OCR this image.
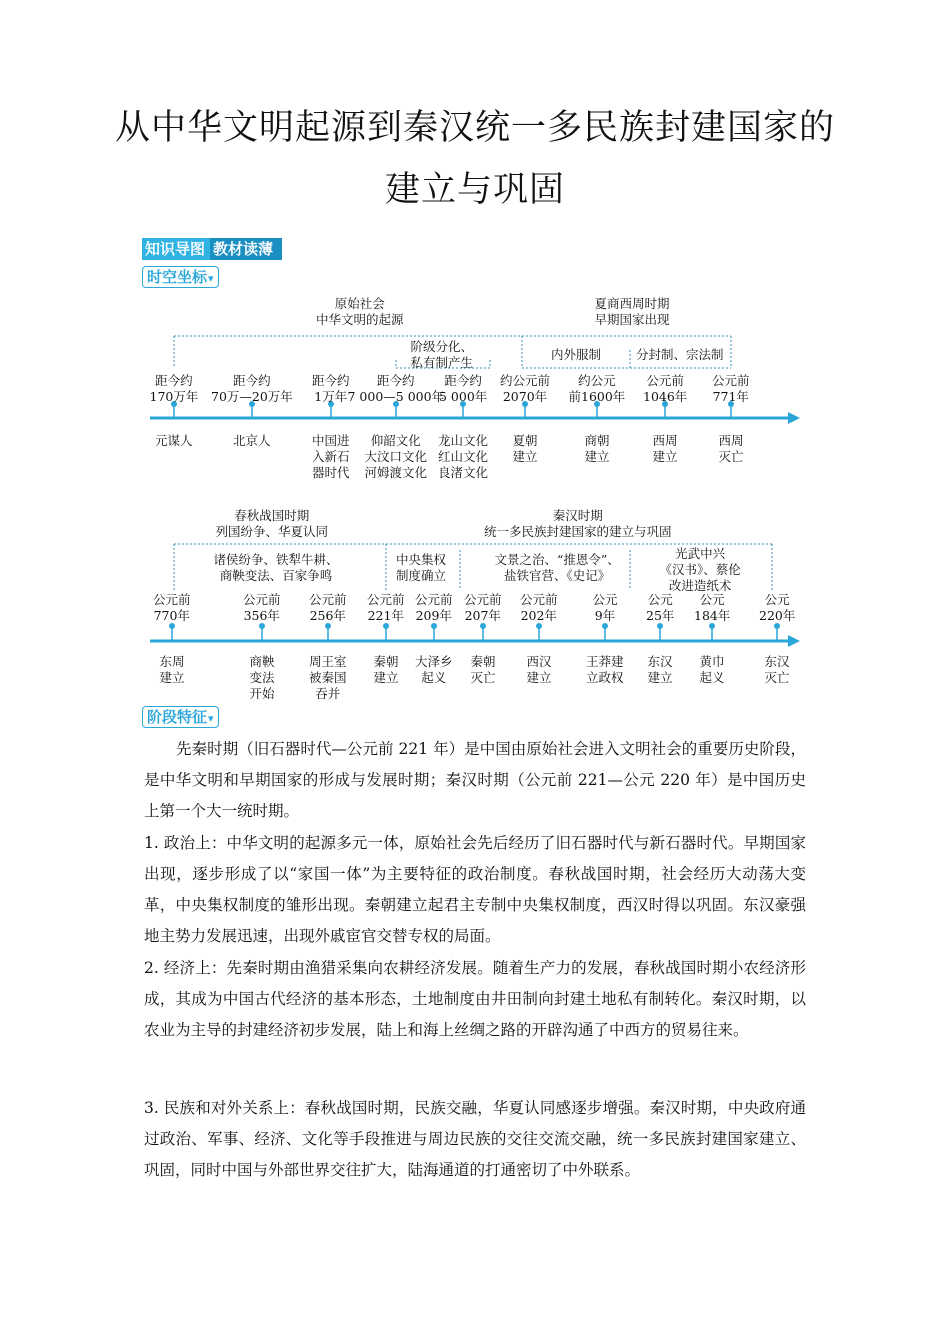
从中华文明起源到秦汉统一多民族封建国家的
建立与巩固
知识导图 教材读薄
时空坐标 ▾
阶段特征 ▾
原始社会
中华文明的起源
夏商西周时期
早期国家出现
阶级分化、
私有制产生
内外服制	分封制、宗法制
距今约
170万年
元谋人
距今约
70万—20万年
北京人
距今约
1万年
中国进
入新石
器时代
距今约
7 000—5 000年
仰韶文化
大汶口文化
河姆渡文化
距今约
5 000年
龙山文化
红山文化
良渚文化
约公元前
2070年
夏朝
建立
约公元
前1600年
商朝
建立
公元前
1046年
西周
建立
公元前
771年
西周
灭亡
春秋战国时期
列国纷争、华夏认同
秦汉时期
统一多民族封建国家的建立与巩固
诸侯纷争、铁犁牛耕、
商鞅变法、百家争鸣
中央集权
制度确立
文景之治、“推恩令”、
盐铁官营、《史记》
光武中兴
《汉书》、蔡伦
改进造纸术
公元前
770年
东周
建立
公元前
356年
商鞅
变法
开始
公元前
256年
周王室
被秦国
吞并
公元前
221年
秦朝
建立
公元前
209年
大泽乡
起义
公元前
207年
秦朝
灭亡
公元前
202年
西汉
建立
公元
9年
王莽建
立政权
公元
25年
东汉
建立
公元
184年
黄巾
起义
公元
220年
东汉
灭亡
先秦时期（旧石器时代—公元前 221 年）是中国由原始社会进入文明社会的重要历史阶段，是中华文明和早期国家的形成与发展时期；秦汉时期（公元前 221—公元 220 年）是中国历史上第一个大一统时期。
1. 政治上：中华文明的起源多元一体，原始社会先后经历了旧石器时代与新石器时代。早期国家出现，逐步形成了以“家国一体”为主要特征的政治制度。春秋战国时期，社会经历大动荡大变革，中央集权制度的雏形出现。秦朝建立起君主专制中央集权制度，西汉时得以巩固。东汉豪强地主势力发展迅速，出现外戚宦官交替专权的局面。
2. 经济上：先秦时期由渔猎采集向农耕经济发展。随着生产力的发展，春秋战国时期小农经济形成，其成为中国古代经济的基本形态，土地制度由井田制向封建土地私有制转化。秦汉时期，以农业为主导的封建经济初步发展，陆上和海上丝绸之路的开辟沟通了中西方的贸易往来。
3. 民族和对外关系上：春秋战国时期，民族交融，华夏认同感逐步增强。秦汉时期，中央政府通过政治、军事、经济、文化等手段推进与周边民族的交往交流交融，统一多民族封建国家建立、巩固，同时中国与外部世界交往扩大，陆海通道的打通密切了中外联系。
